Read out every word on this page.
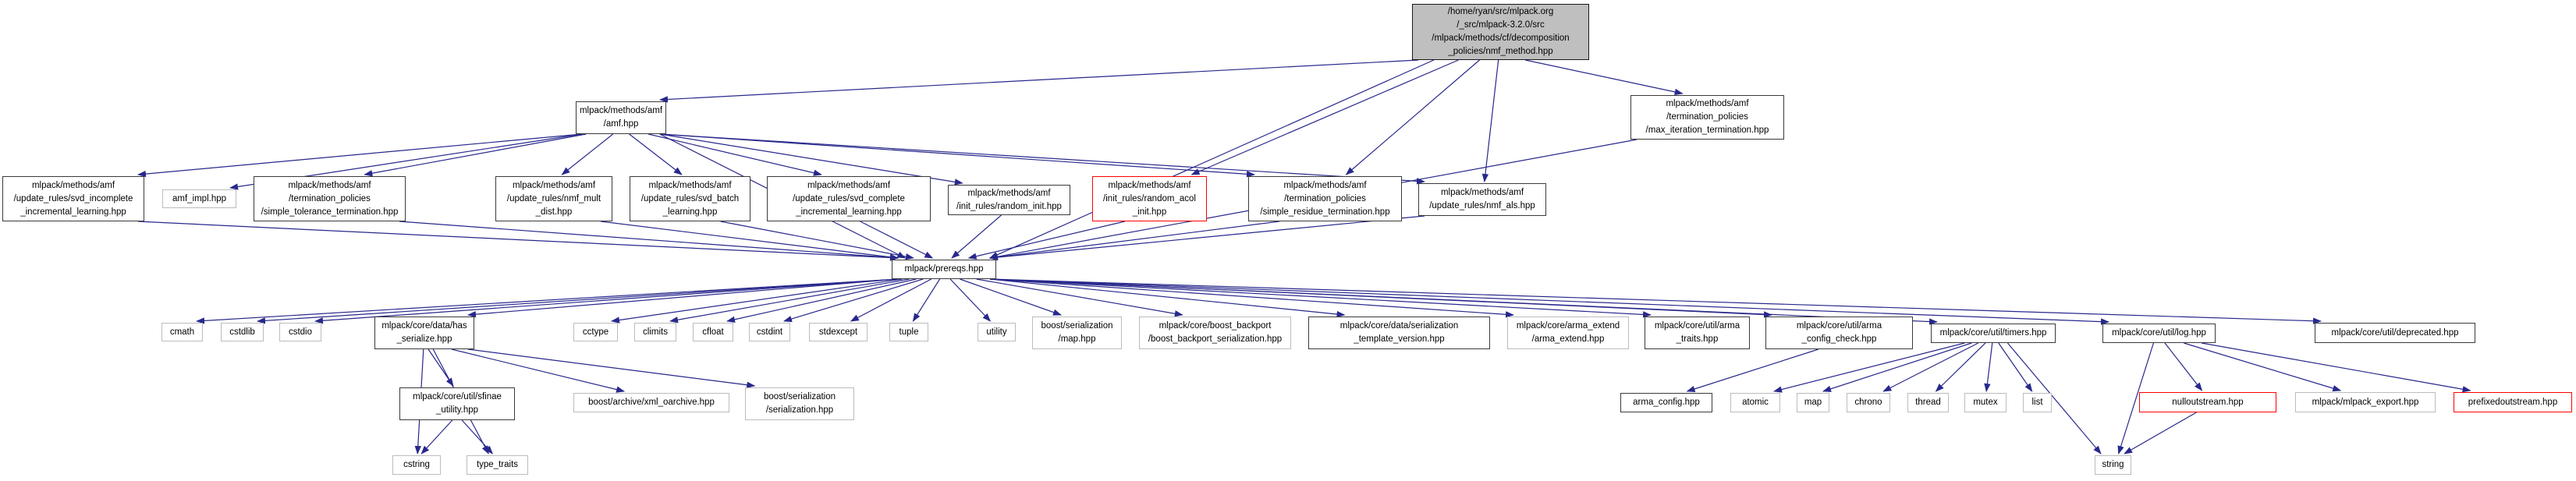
/home/ryan/src/mlpack.org
/_src/mlpack-3.2.0/src
/mlpack/methods/cf/decomposition
_policies/nmf_method.hpp
mlpack/methods/amf
/amf.hpp
mlpack/methods/amf
/termination_policies
/max_iteration_termination.hpp
mlpack/methods/amf
/update_rules/svd_incomplete
_incremental_learning.hpp
amf_impl.hpp
mlpack/methods/amf
/termination_policies
/simple_tolerance_termination.hpp
mlpack/methods/amf
/update_rules/nmf_mult
_dist.hpp
mlpack/methods/amf
/update_rules/svd_batch
_learning.hpp
mlpack/methods/amf
/update_rules/svd_complete
_incremental_learning.hpp
mlpack/methods/amf
/init_rules/random_init.hpp
mlpack/methods/amf
/init_rules/random_acol
_init.hpp
mlpack/methods/amf
/termination_policies
/simple_residue_termination.hpp
mlpack/methods/amf
/update_rules/nmf_als.hpp
mlpack/prereqs.hpp
cmath	cstdlib	cstdio
mlpack/core/data/has
_serialize.hpp
cctype	climits	cfloat	cstdint	stdexcept	tuple	utility
boost/serialization
/map.hpp
mlpack/core/boost_backport
/boost_backport_serialization.hpp
mlpack/core/data/serialization
_template_version.hpp
mlpack/core/arma_extend
/arma_extend.hpp
mlpack/core/util/arma
_traits.hpp
mlpack/core/util/arma
_config_check.hpp
mlpack/core/util/timers.hpp	mlpack/core/util/log.hpp	mlpack/core/util/deprecated.hpp
mlpack/core/util/sfinae
_utility.hpp
boost/archive/xml_oarchive.hpp
boost/serialization
/serialization.hpp
arma_config.hpp	atomic	map	chrono	thread	mutex	list	nulloutstream.hpp	mlpack/mlpack_export.hpp	prefixedoutstream.hpp
cstring	type_traits	string
